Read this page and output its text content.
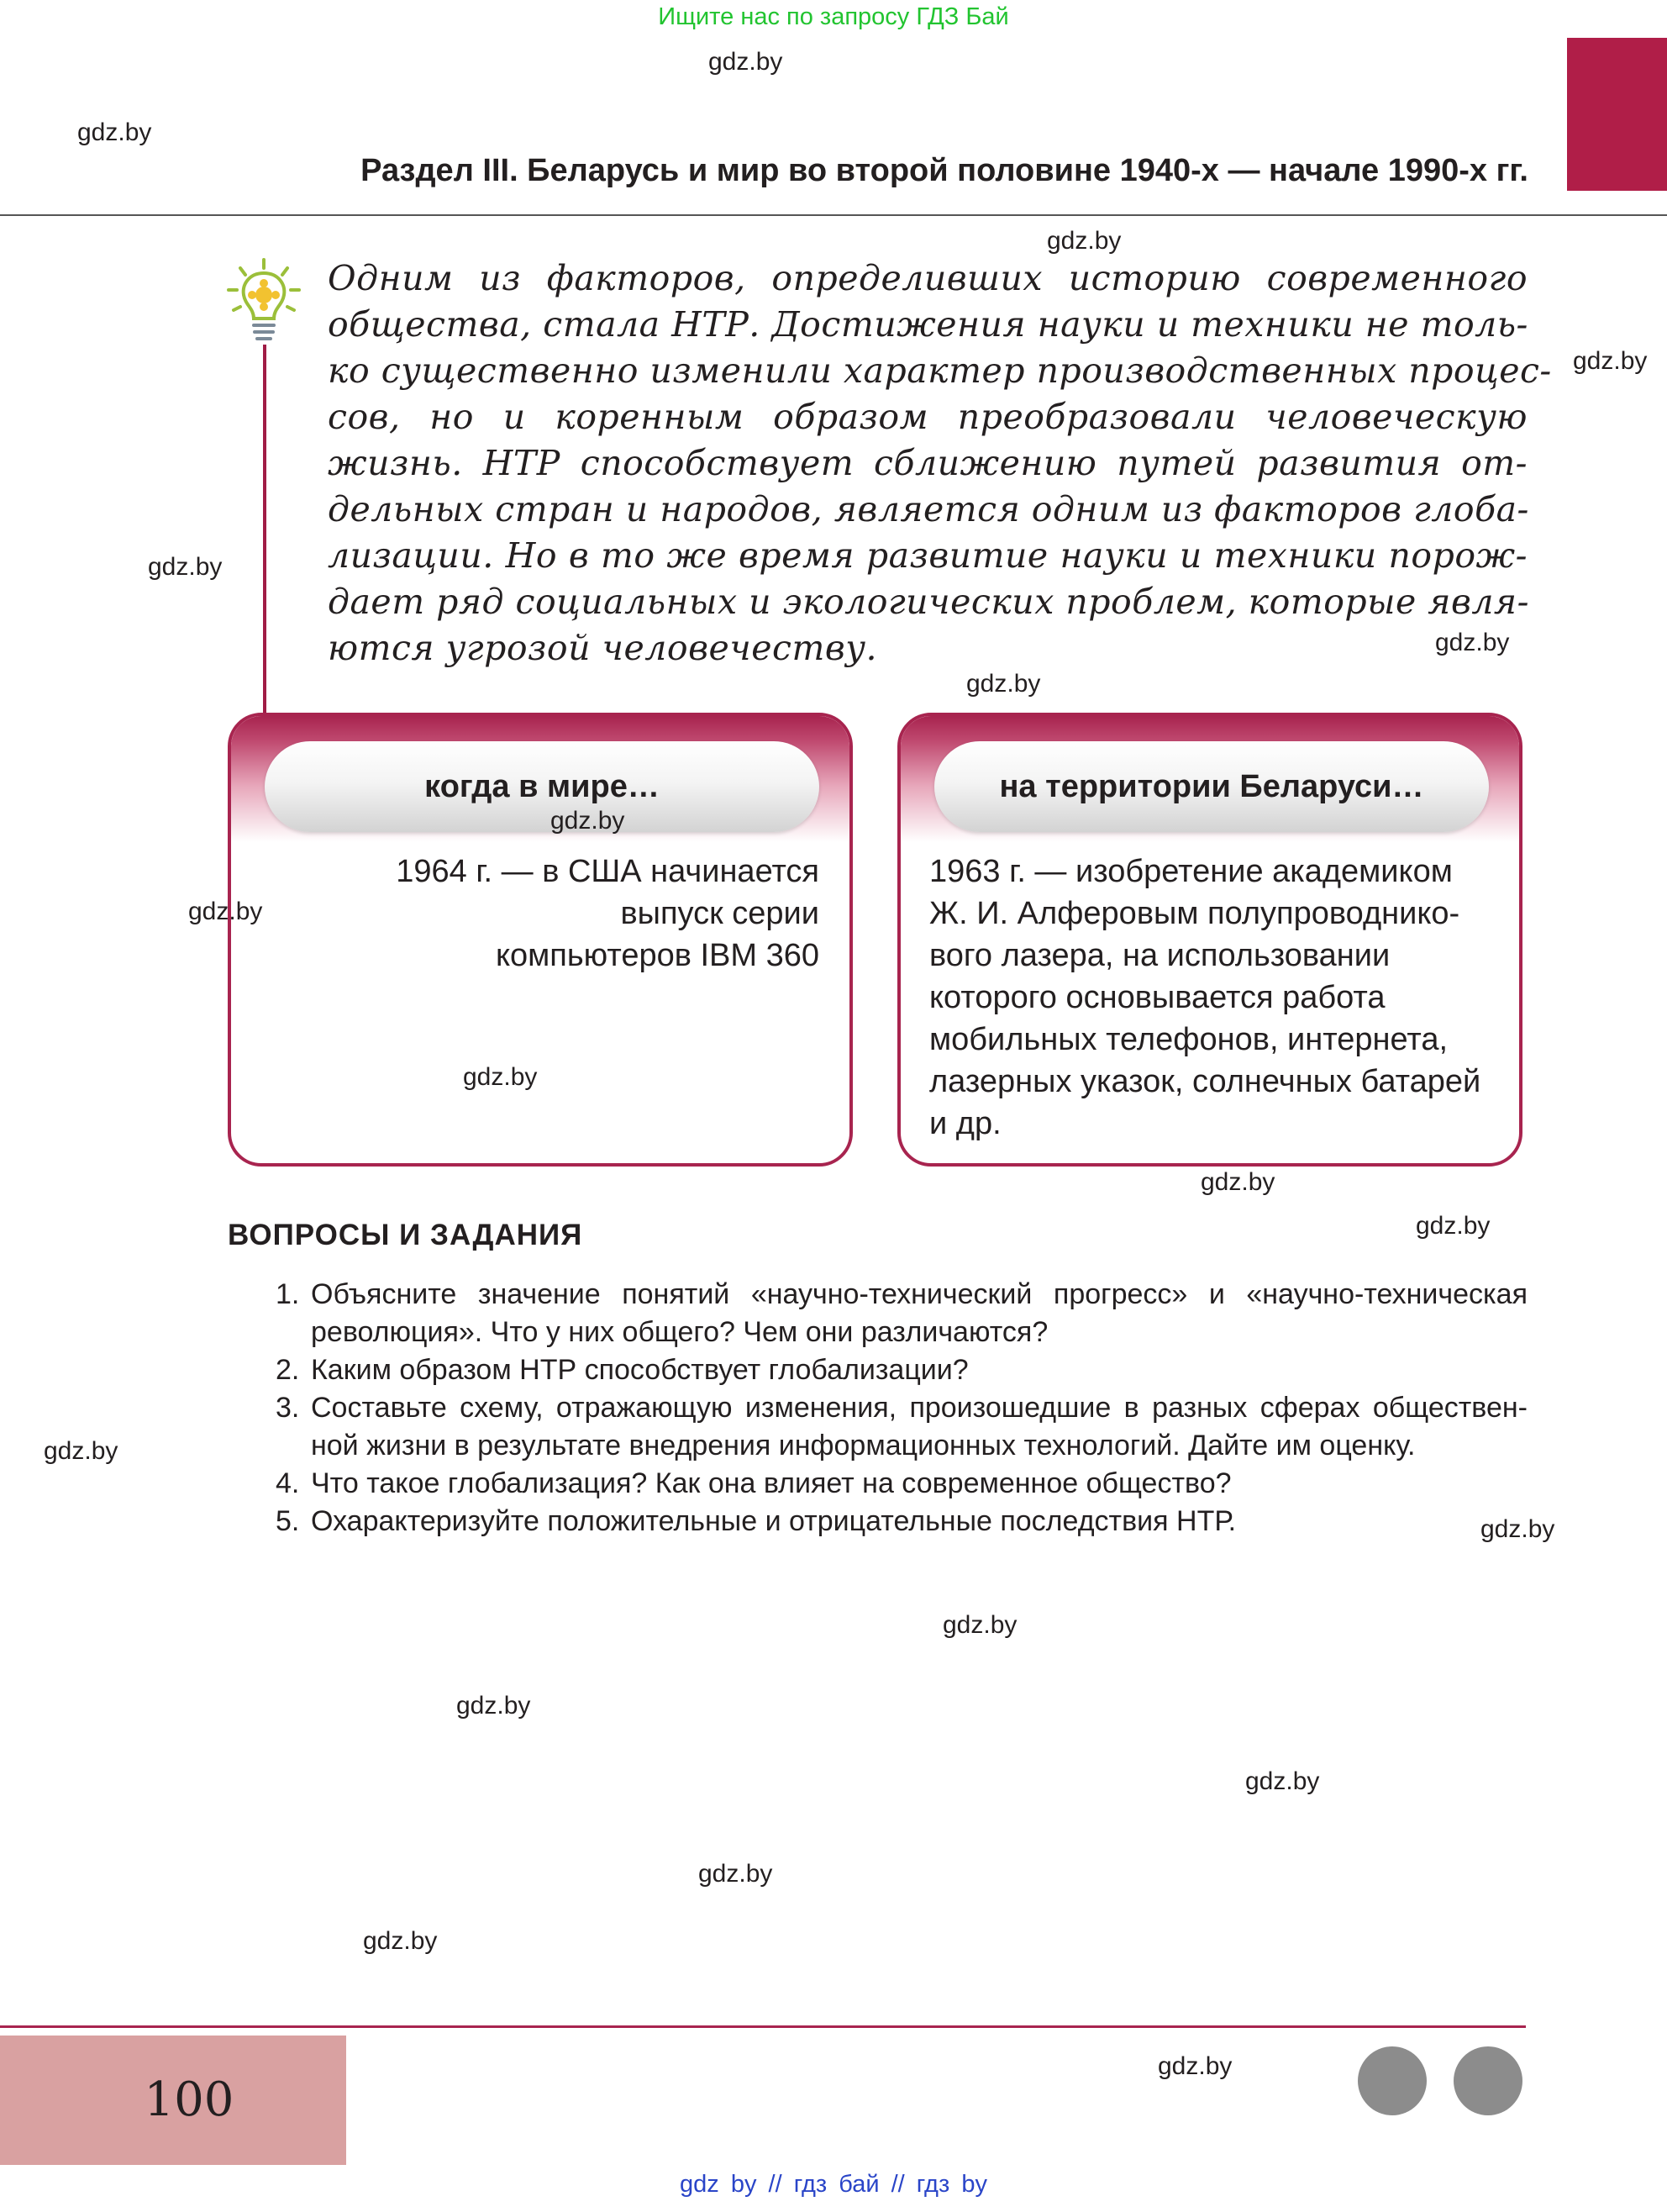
Ищите нас по запросу ГДЗ Бай
Раздел III. Беларусь и мир во второй половине 1940-х — начале 1990-х гг.
Одним из факторов, определивших историю современного
общества, стала НТР. Достижения науки и техники не толь-
ко существенно изменили характер производственных процес-
сов, но и коренным образом преобразовали человеческую
жизнь. НТР способствует сближению путей развития от-
дельных стран и народов, является одним из факторов глоба-
лизации. Но в то же время развитие науки и техники порож-
дает ряд социальных и экологических проблем, которые явля-
ются угрозой человечеству.
когда в мире…
1964 г. — в США начинается
выпуск серии
компьютеров IBM 360
на территории Беларуси…
1963 г. — изобретение академиком
Ж. И. Алферовым полупроводнико-
вого лазера, на использовании
которого основывается работа
мобильных телефонов, интернета,
лазерных указок, солнечных батарей
и др.
ВОПРОСЫ И ЗАДАНИЯ
1. Объясните значение понятий «научно-технический прогресс» и «научно-техническая
революция». Что у них общего? Чем они различаются?
2. Каким образом НТР способствует глобализации?
3. Составьте схему, отражающую изменения, произошедшие в разных сферах обществен-
ной жизни в результате внедрения информационных технологий. Дайте им оценку.
4. Что такое глобализация? Как она влияет на современное общество?
5. Охарактеризуйте положительные и отрицательные последствия НТР.
100
gdz.by
gdz.by
gdz.by
gdz.by
gdz.by
gdz.by
gdz.by
gdz.by
gdz.by
gdz.by
gdz.by
gdz.by
gdz.by
gdz.by
gdz.by
gdz.by
gdz.by
gdz.by
gdz.by
gdz.by
gdz by // гдз бай // гдз by
